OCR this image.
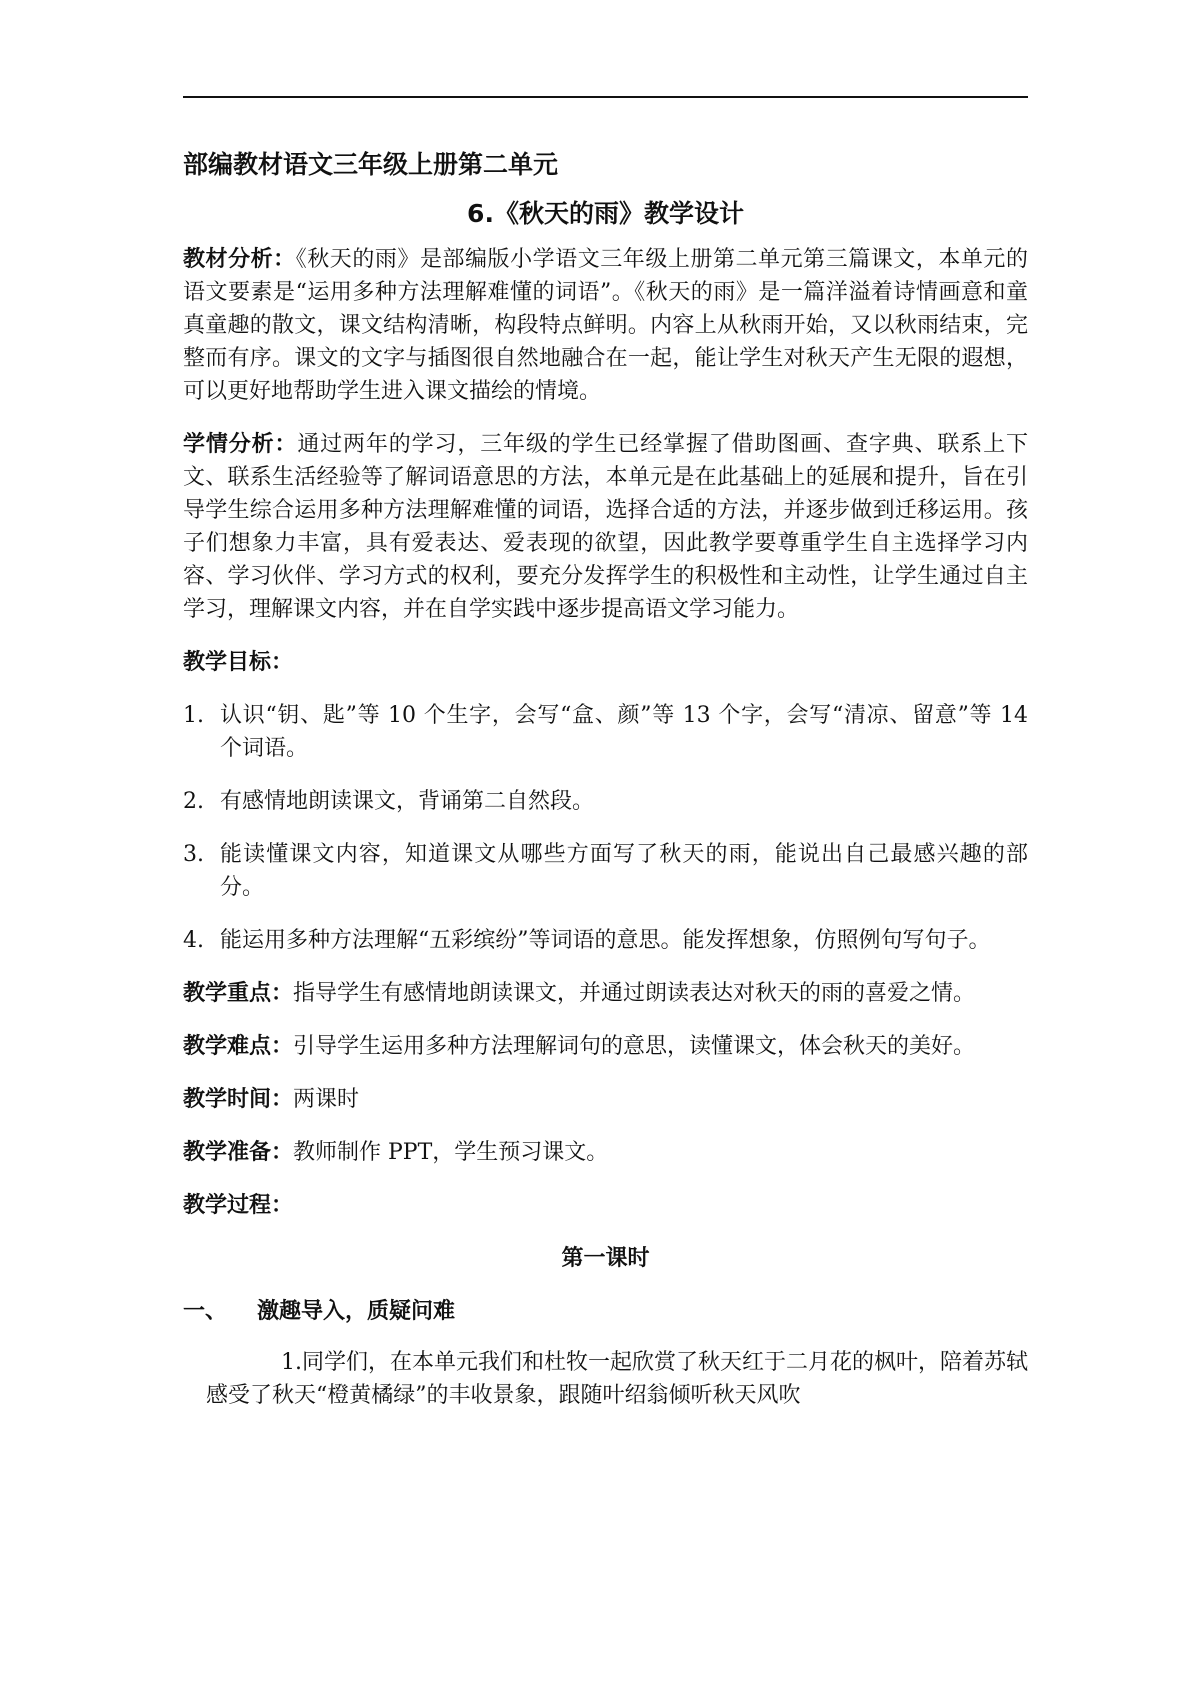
部编教材语文三年级上册第二单元
6.《秋天的雨》教学设计

教材分析：《秋天的雨》是部编版小学语文三年级上册第二单元第三篇课文，本单元的语文要素是“运用多种方法理解难懂的词语”。《秋天的雨》是一篇洋溢着诗情画意和童真童趣的散文，课文结构清晰，构段特点鲜明。内容上从秋雨开始，又以秋雨结束，完整而有序。课文的文字与插图很自然地融合在一起，能让学生对秋天产生无限的遐想，可以更好地帮助学生进入课文描绘的情境。

学情分析：通过两年的学习，三年级的学生已经掌握了借助图画、查字典、联系上下文、联系生活经验等了解词语意思的方法，本单元是在此基础上的延展和提升，旨在引导学生综合运用多种方法理解难懂的词语，选择合适的方法，并逐步做到迁移运用。孩子们想象力丰富，具有爱表达、爱表现的欲望，因此教学要尊重学生自主选择学习内容、学习伙伴、学习方式的权利，要充分发挥学生的积极性和主动性，让学生通过自主学习，理解课文内容，并在自学实践中逐步提高语文学习能力。

教学目标：

1. 认识“钥、匙”等 10 个生字，会写“盒、颜”等 13 个字，会写“清凉、留意”等 14 个词语。
2. 有感情地朗读课文，背诵第二自然段。
3. 能读懂课文内容，知道课文从哪些方面写了秋天的雨，能说出自己最感兴趣的部分。
4. 能运用多种方法理解“五彩缤纷”等词语的意思。能发挥想象，仿照例句写句子。

教学重点：指导学生有感情地朗读课文，并通过朗读表达对秋天的雨的喜爱之情。

教学难点：引导学生运用多种方法理解词句的意思，读懂课文，体会秋天的美好。

教学时间：两课时

教学准备：教师制作 PPT，学生预习课文。

教学过程：

第一课时
一、	激趣导入，质疑问难

1.同学们，在本单元我们和杜牧一起欣赏了秋天红于二月花的枫叶，陪着苏轼感受了秋天“橙黄橘绿”的丰收景象，跟随叶绍翁倾听秋天风吹
